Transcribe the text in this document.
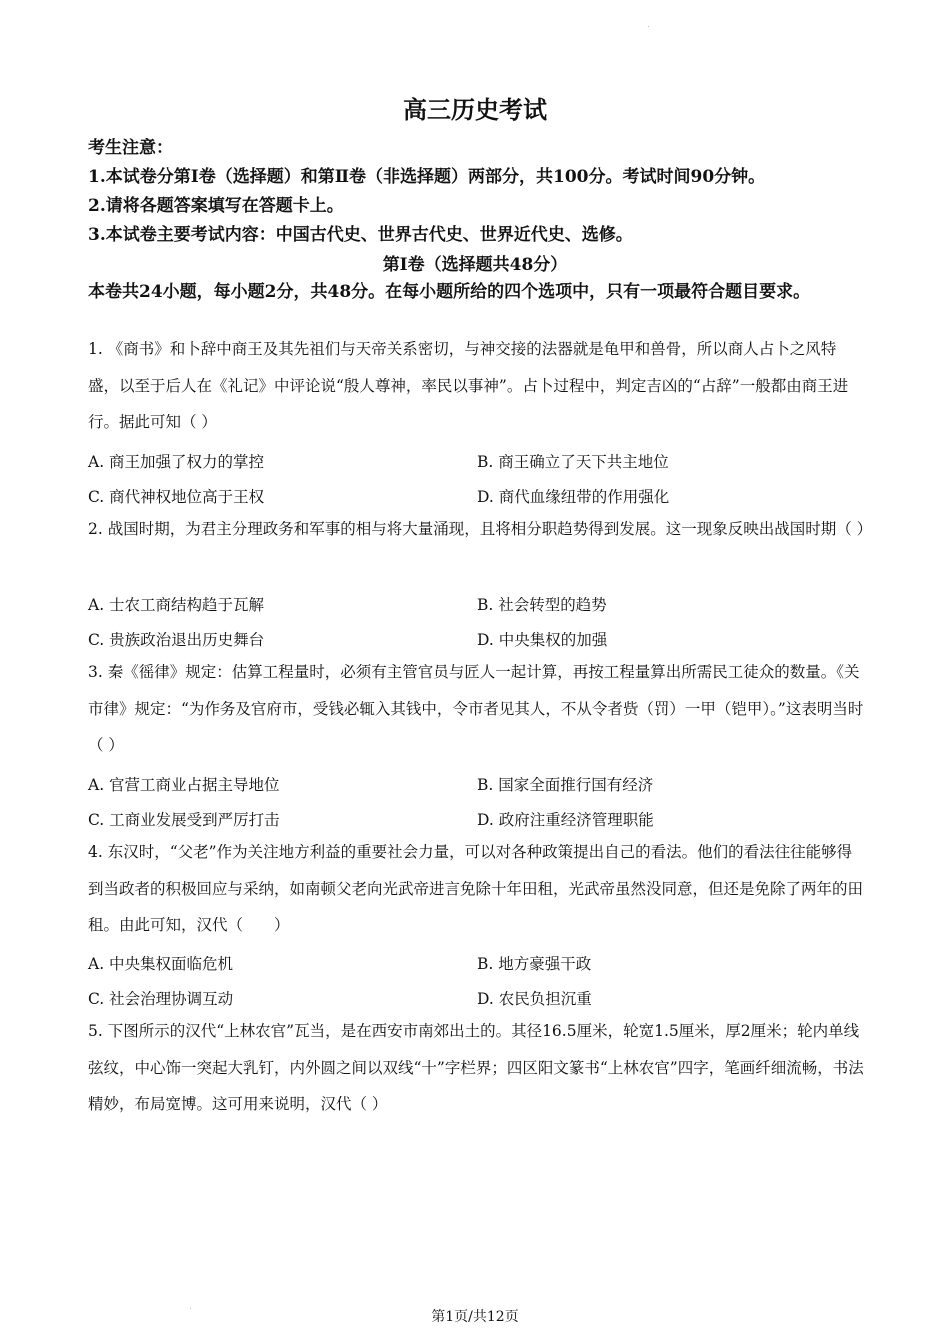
高三历史考试
考生注意：
1.本试卷分第Ⅰ卷（选择题）和第Ⅱ卷（非选择题）两部分，共100分。考试时间90分钟。
2.请将各题答案填写在答题卡上。
3.本试卷主要考试内容：中国古代史、世界古代史、世界近代史、选修。
第Ⅰ卷（选择题共48分）
本卷共24小题，每小题2分，共48分。在每小题所给的四个选项中，只有一项最符合题目要求。
1. 《商书》和卜辞中商王及其先祖们与天帝关系密切，与神交接的法器就是龟甲和兽骨，所以商人占卜之风特盛，以至于后人在《礼记》中评论说“殷人尊神，率民以事神”。占卜过程中，判定吉凶的“占辞”一般都由商王进行。据此可知（ ）
A. 商王加强了权力的掌控	B. 商王确立了天下共主地位
C. 商代神权地位高于王权	D. 商代血缘纽带的作用强化
2. 战国时期，为君主分理政务和军事的相与将大量涌现，且将相分职趋势得到发展。这一现象反映出战国时期（ ）
A. 士农工商结构趋于瓦解	B. 社会转型的趋势
C. 贵族政治退出历史舞台	D. 中央集权的加强
3. 秦《徭律》规定：估算工程量时，必须有主管官员与匠人一起计算，再按工程量算出所需民工徒众的数量。《关市律》规定：“为作务及官府市，受钱必辄入其钱中，令市者见其人，不从令者赀（罚）一甲（铠甲）。”这表明当时（ ）
A. 官营工商业占据主导地位	B. 国家全面推行国有经济
C. 工商业发展受到严厉打击	D. 政府注重经济管理职能
4. 东汉时，“父老”作为关注地方利益的重要社会力量，可以对各种政策提出自己的看法。他们的看法往往能够得到当政者的积极回应与采纳，如南顿父老向光武帝进言免除十年田租，光武帝虽然没同意，但还是免除了两年的田租。由此可知，汉代（　　）
A. 中央集权面临危机	B. 地方豪强干政
C. 社会治理协调互动	D. 农民负担沉重
5. 下图所示的汉代“上林农官”瓦当，是在西安市南郊出土的。其径16.5厘米，轮宽1.5厘米，厚2厘米；轮内单线弦纹，中心饰一突起大乳钉，内外圆之间以双线“十”字栏界；四区阳文篆书“上林农官”四字，笔画纤细流畅，书法精妙，布局宽博。这可用来说明，汉代（ ）
第1页/共12页
